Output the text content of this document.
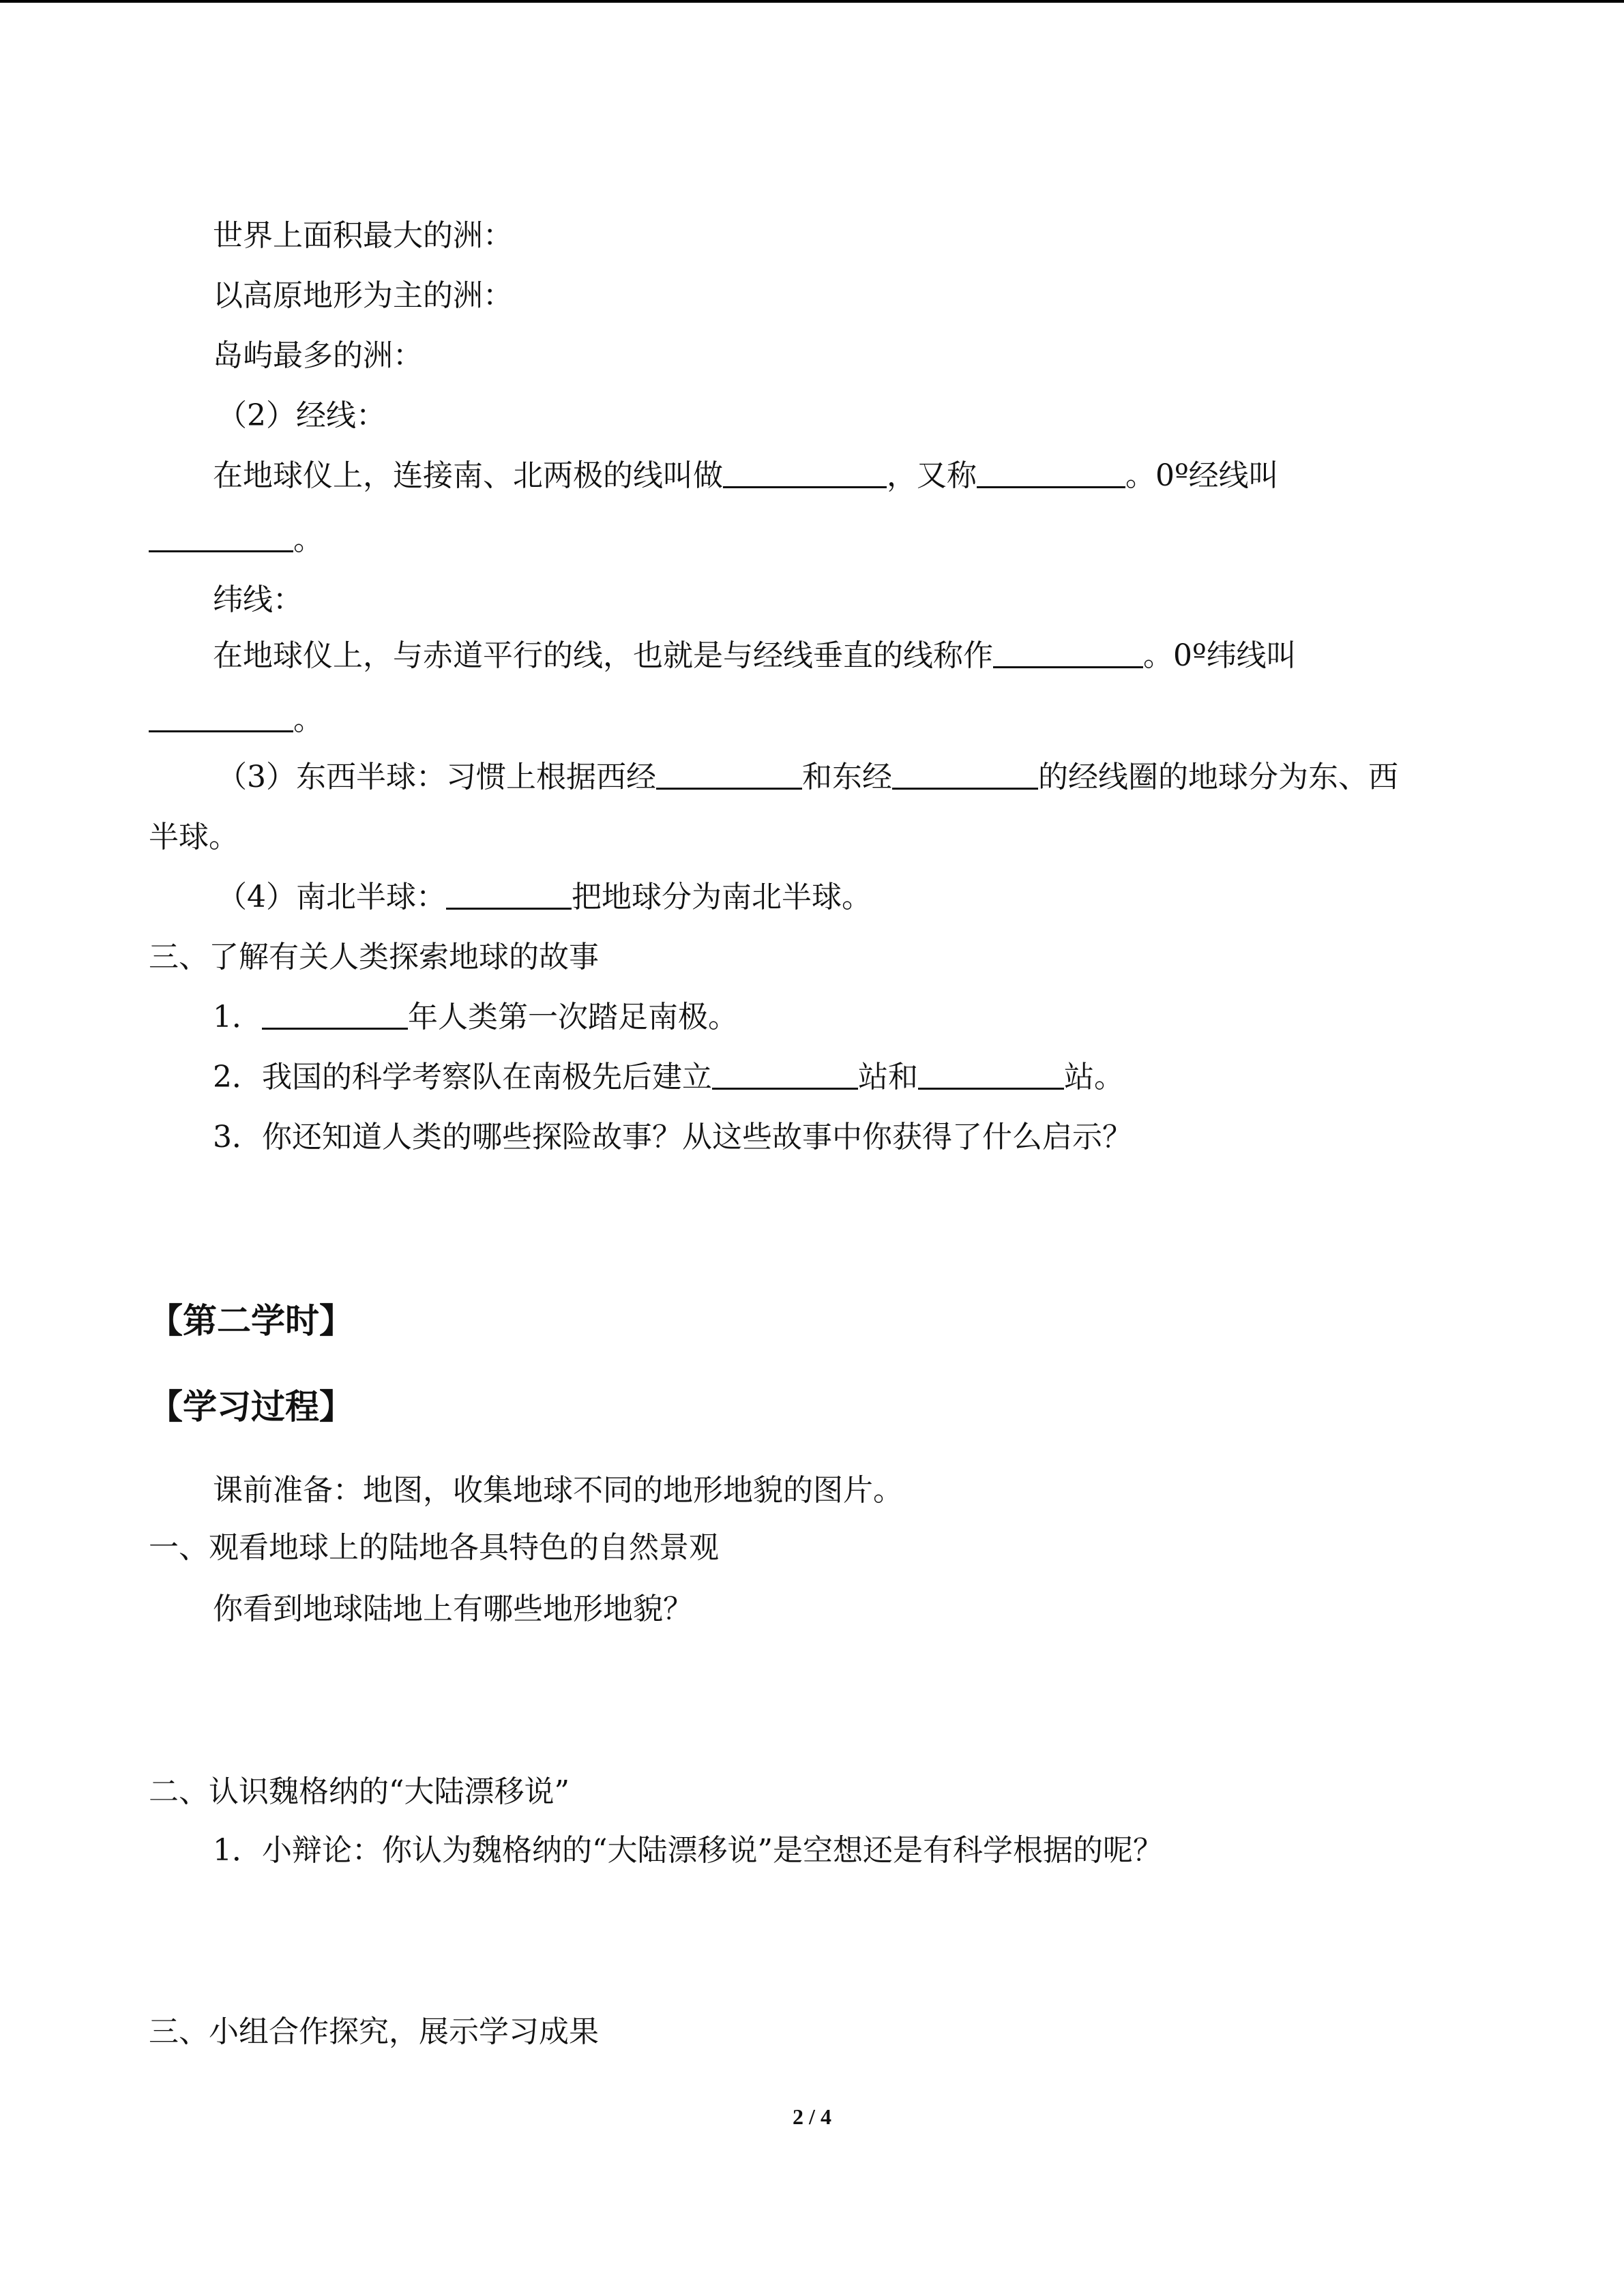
世界上面积最大的洲：
以高原地形为主的洲：
岛屿最多的洲：
（2）经线：
在地球仪上，连接南、北两极的线叫做	，又称	。0º经线叫
。
纬线：
在地球仪上，与赤道平行的线，也就是与经线垂直的线称作	。0º纬线叫
。
（3）东西半球：习惯上根据西经	和东经	的经线圈的地球分为东、西
半球。
（4）南北半球：	把地球分为南北半球。
三、了解有关人类探索地球的故事
1．	年人类第一次踏足南极。
2．我国的科学考察队在南极先后建立	站和	站。
3．你还知道人类的哪些探险故事？从这些故事中你获得了什么启示？
【第二学时】
【学习过程】
课前准备：地图，收集地球不同的地形地貌的图片。
一、观看地球上的陆地各具特色的自然景观
你看到地球陆地上有哪些地形地貌？
二、认识魏格纳的“大陆漂移说”
1．小辩论：你认为魏格纳的“大陆漂移说”是空想还是有科学根据的呢？
三、小组合作探究，展示学习成果
2 / 4
